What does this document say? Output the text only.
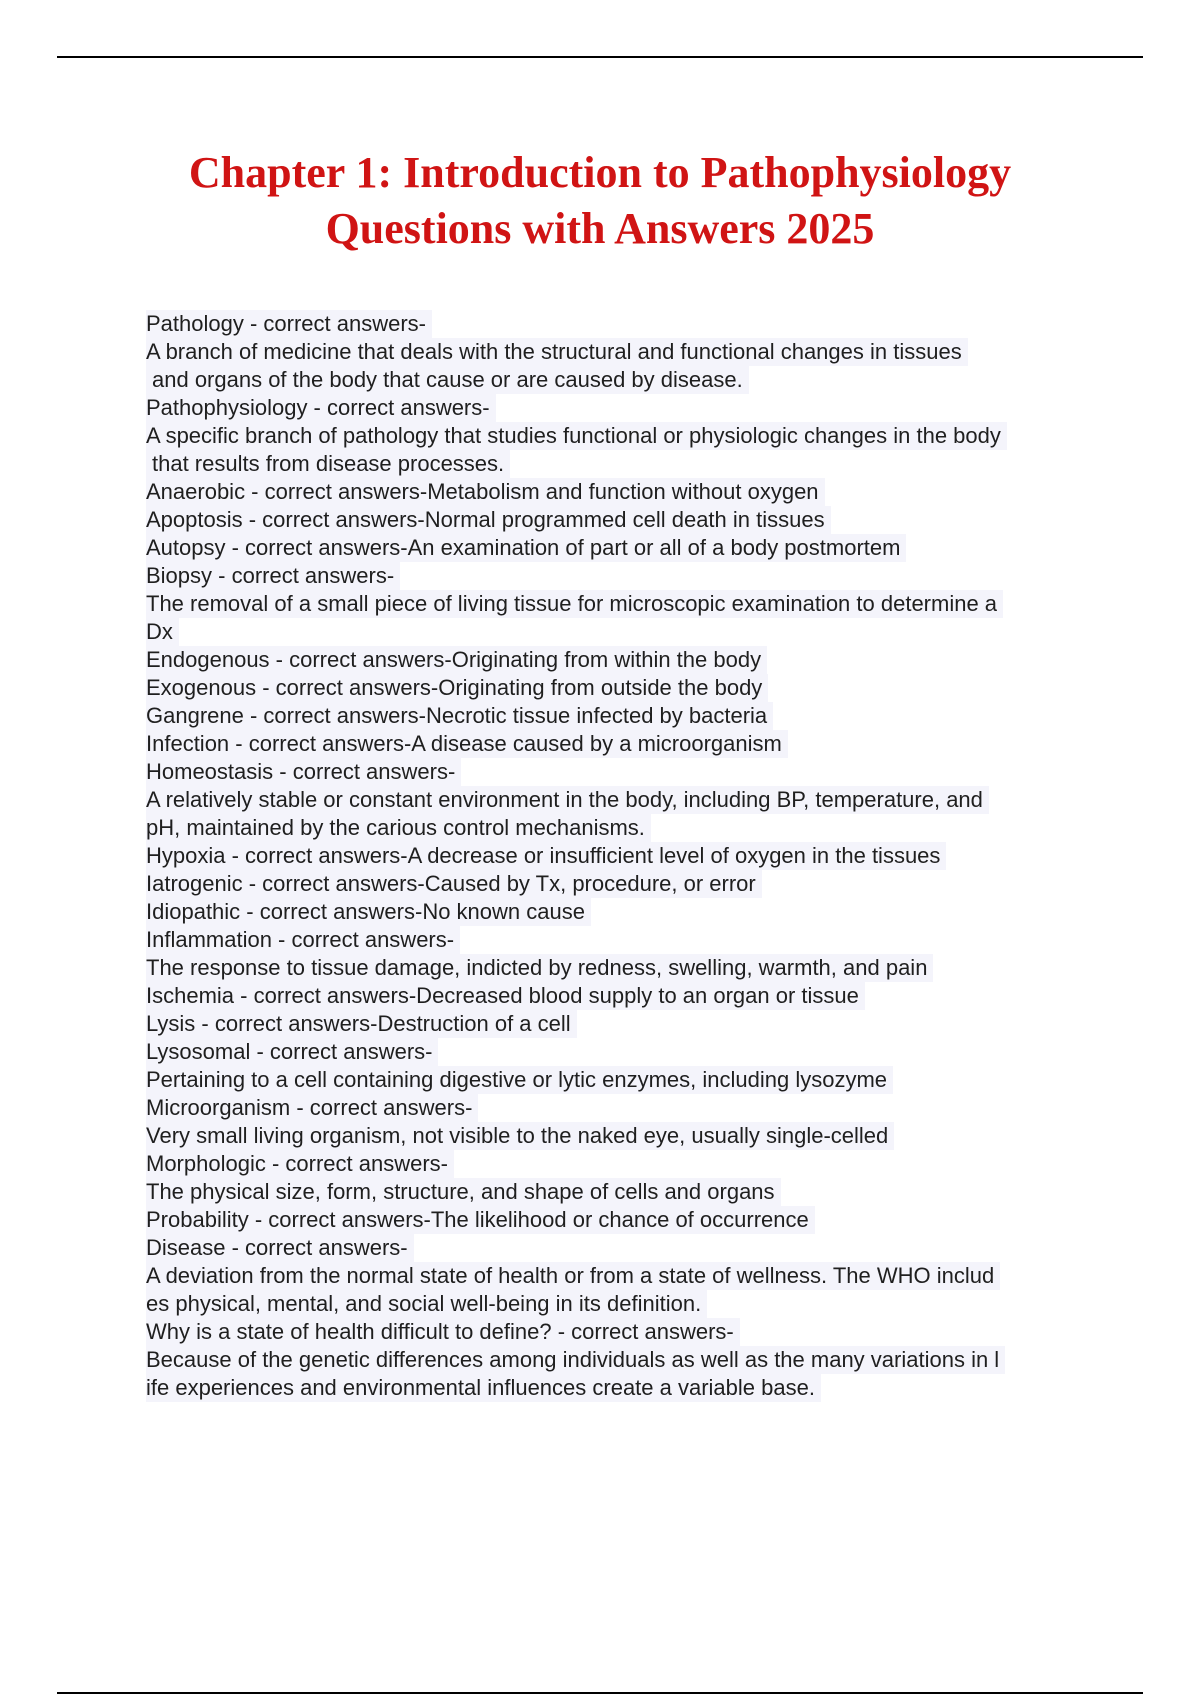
Chapter 1: Introduction to Pathophysiology
Questions with Answers 2025
Pathology - correct answers-
A branch of medicine that deals with the structural and functional changes in tissues
and organs of the body that cause or are caused by disease.
Pathophysiology - correct answers-
A specific branch of pathology that studies functional or physiologic changes in the body
that results from disease processes.
Anaerobic - correct answers-Metabolism and function without oxygen
Apoptosis - correct answers-Normal programmed cell death in tissues
Autopsy - correct answers-An examination of part or all of a body postmortem
Biopsy - correct answers-
The removal of a small piece of living tissue for microscopic examination to determine a
Dx
Endogenous - correct answers-Originating from within the body
Exogenous - correct answers-Originating from outside the body
Gangrene - correct answers-Necrotic tissue infected by bacteria
Infection - correct answers-A disease caused by a microorganism
Homeostasis - correct answers-
A relatively stable or constant environment in the body, including BP, temperature, and
pH, maintained by the carious control mechanisms.
Hypoxia - correct answers-A decrease or insufficient level of oxygen in the tissues
Iatrogenic - correct answers-Caused by Tx, procedure, or error
Idiopathic - correct answers-No known cause
Inflammation - correct answers-
The response to tissue damage, indicted by redness, swelling, warmth, and pain
Ischemia - correct answers-Decreased blood supply to an organ or tissue
Lysis - correct answers-Destruction of a cell
Lysosomal - correct answers-
Pertaining to a cell containing digestive or lytic enzymes, including lysozyme
Microorganism - correct answers-
Very small living organism, not visible to the naked eye, usually single-celled
Morphologic - correct answers-
The physical size, form, structure, and shape of cells and organs
Probability - correct answers-The likelihood or chance of occurrence
Disease - correct answers-
A deviation from the normal state of health or from a state of wellness. The WHO includ
es physical, mental, and social well-being in its definition.
Why is a state of health difficult to define? - correct answers-
Because of the genetic differences among individuals as well as the many variations in l
ife experiences and environmental influences create a variable base.
